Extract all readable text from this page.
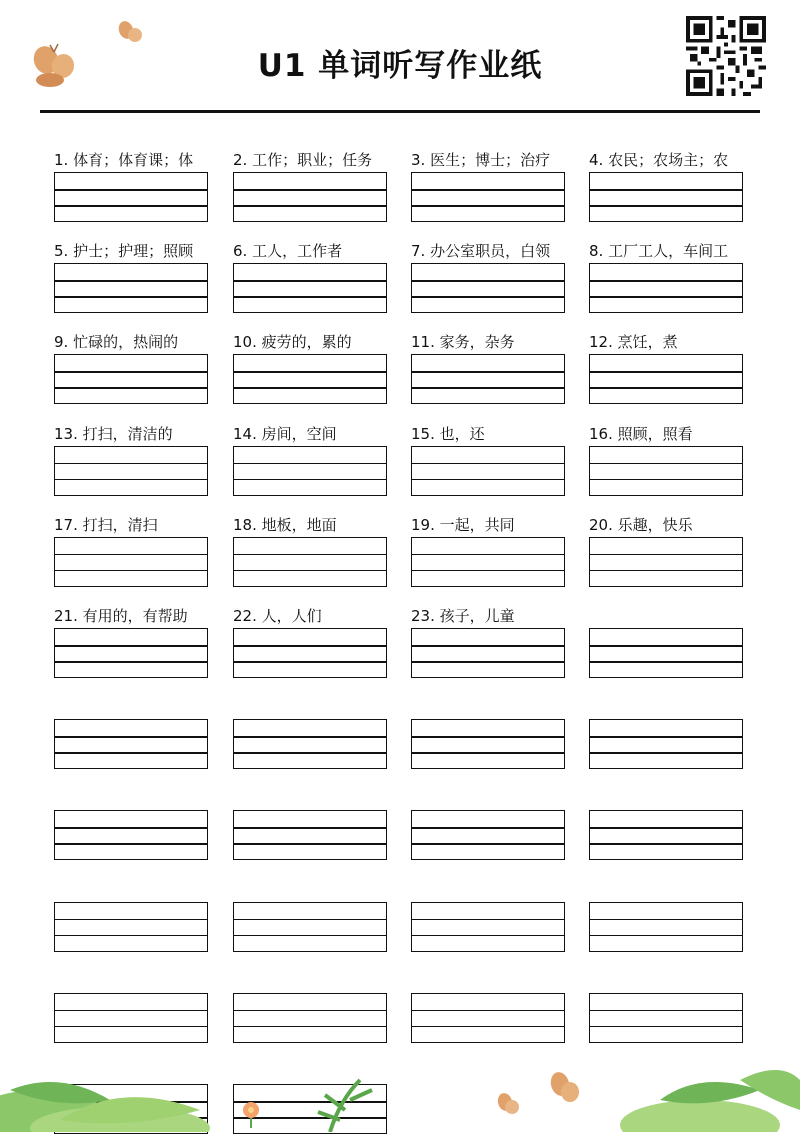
U1 单词听写作业纸
1. 体育；体育课；体	2. 工作；职业；任务	3. 医生；博士；治疗	4. 农民；农场主；农
5. 护士；护理；照顾	6. 工人，工作者	7. 办公室职员，白领	8. 工厂工人，车间工
9. 忙碌的，热闹的	10. 疲劳的，累的	11. 家务，杂务	12. 烹饪，煮
13. 打扫，清洁的	14. 房间，空间	15. 也，还	16. 照顾，照看
17. 打扫，清扫	18. 地板，地面	19. 一起，共同	20. 乐趣，快乐
21. 有用的，有帮助	22. 人，人们	23. 孩子，儿童
